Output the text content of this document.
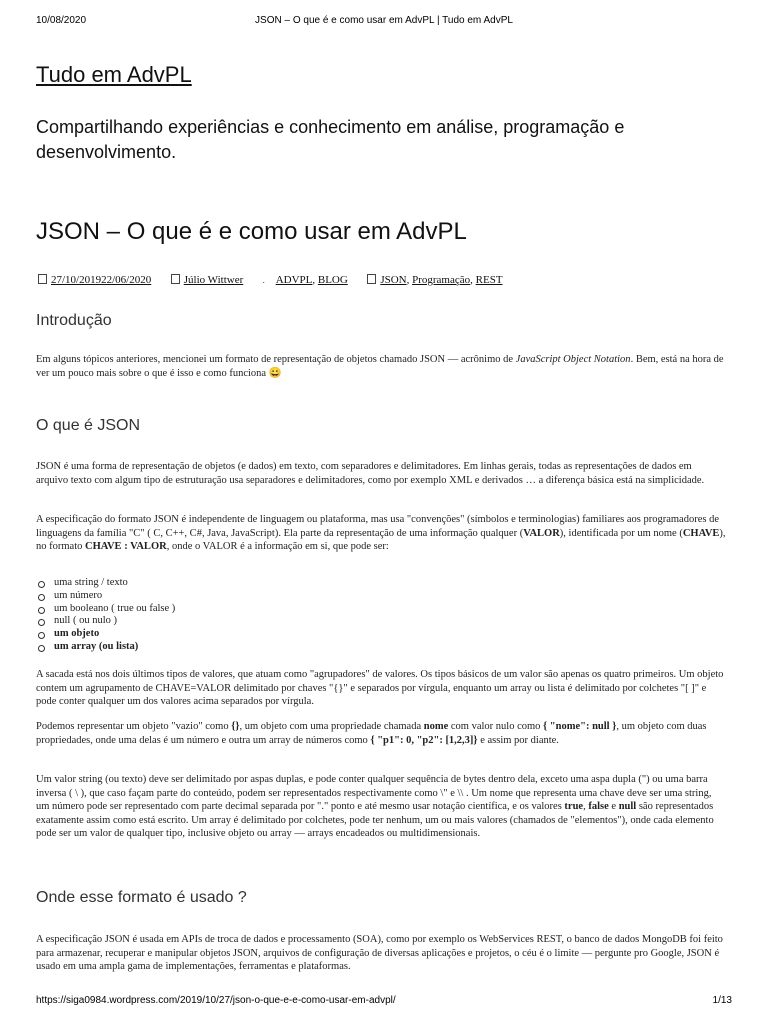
10/08/2020	JSON – O que é e como usar em AdvPL | Tudo em AdvPL
Tudo em AdvPL
Compartilhando experiências e conhecimento em análise, programação e desenvolvimento.
JSON – O que é e como usar em AdvPL
27/10/201922/06/2020	Júlio Wittwer . ADVPL, BLOG	JSON, Programação, REST
Introdução

Em alguns tópicos anteriores, mencionei um formato de representação de objetos chamado JSON — acrônimo de JavaScript Object Notation. Bem, está na hora de ver um pouco mais sobre o que é isso e como funciona 😀

O que é JSON

JSON é uma forma de representação de objetos (e dados) em texto, com separadores e delimitadores. Em linhas gerais, todas as representações de dados em arquivo texto com algum tipo de estruturação usa separadores e delimitadores, como por exemplo XML e derivados … a diferença básica está na simplicidade.

A especificação do formato JSON é independente de linguagem ou plataforma, mas usa "convenções" (símbolos e terminologias) familiares aos programadores de linguagens da família "C" ( C, C++, C#, Java, JavaScript). Ela parte da representação de uma informação qualquer (VALOR), identificada por um nome (CHAVE), no formato CHAVE : VALOR, onde o VALOR é a informação em si, que pode ser:

uma string / texto
um número
um booleano ( true ou false )
null ( ou nulo )
um objeto
um array (ou lista)

A sacada está nos dois últimos tipos de valores, que atuam como "agrupadores" de valores. Os tipos básicos de um valor são apenas os quatro primeiros. Um objeto contem um agrupamento de CHAVE=VALOR delimitado por chaves "{}" e separados por vírgula, enquanto um array ou lista é delimitado por colchetes "[ ]" e pode conter qualquer um dos valores acima separados por vírgula.

Podemos representar um objeto "vazio" como {}, um objeto com uma propriedade chamada nome com valor nulo como { "nome": null }, um objeto com duas propriedades, onde uma delas é um número e outra um array de números como { "p1": 0, "p2": [1,2,3]} e assim por diante.

Um valor string (ou texto) deve ser delimitado por aspas duplas, e pode conter qualquer sequência de bytes dentro dela, exceto uma aspa dupla (") ou uma barra inversa ( \ ), que caso façam parte do conteúdo, podem ser representados respectivamente como \" e \\ . Um nome que representa uma chave deve ser uma string, um número pode ser representado com parte decimal separada por "." ponto e até mesmo usar notação científica, e os valores true, false e null são representados exatamente assim como está escrito. Um array é delimitado por colchetes, pode ter nenhum, um ou mais valores (chamados de "elementos"), onde cada elemento pode ser um valor de qualquer tipo, inclusive objeto ou array — arrays encadeados ou multidimensionais.

Onde esse formato é usado ?

A especificação JSON é usada em APIs de troca de dados e processamento (SOA), como por exemplo os WebServices REST, o banco de dados MongoDB foi feito para armazenar, recuperar e manipular objetos JSON, arquivos de configuração de diversas aplicações e projetos, o céu é o limite — pergunte pro Google, JSON é usado em uma ampla gama de implementações, ferramentas e plataformas.

https://siga0984.wordpress.com/2019/10/27/json-o-que-e-e-como-usar-em-advpl/	1/13
